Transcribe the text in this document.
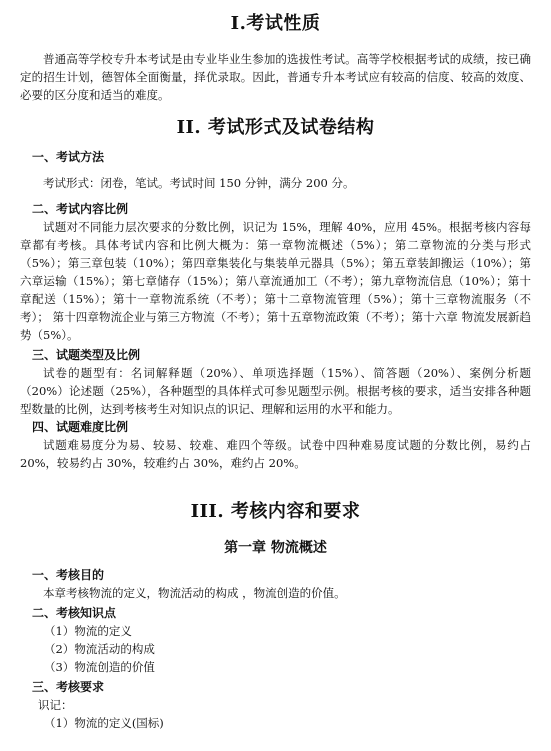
I.考试性质

普通高等学校专升本考试是由专业毕业生参加的选拔性考试。高等学校根据考试的成绩，按已确定的招生计划，德智体全面衡量，择优录取。因此，普通专升本考试应有较高的信度、较高的效度、必要的区分度和适当的难度。

II. 考试形式及试卷结构
一、考试方法

考试形式：闭卷，笔试。考试时间 150 分钟，满分 200 分。

二、考试内容比例

试题对不同能力层次要求的分数比例，识记为 15%，理解 40%，应用 45%。根据考核内容每章都有考核。具体考试内容和比例大概为：第一章物流概述（5%）；第二章物流的分类与形式（5%）；第三章包装（10%）；第四章集装化与集装单元器具（5%）；第五章装卸搬运（10%）；第六章运输（15%）；第七章储存（15%）；第八章流通加工（不考）；第九章物流信息（10%）；第十章配送（15%）；第十一章物流系统（不考）；第十二章物流管理（5%）；第十三章物流服务（不考）； 第十四章物流企业与第三方物流（不考）；第十五章物流政策（不考）；第十六章 物流发展新趋势（5%）。

三、试题类型及比例

试卷的题型有：名词解释题（20%）、单项选择题（15%）、简答题（20%）、案例分析题（20%）论述题（25%），各种题型的具体样式可参见题型示例。根据考核的要求，适当安排各种题型数量的比例，达到考核考生对知识点的识记、理解和运用的水平和能力。

四、试题难度比例

试题难易度分为易、较易、较难、难四个等级。试卷中四种难易度试题的分数比例，易约占 20%，较易约占 30%，较难约占 30%，难约占 20%。

III. 考核内容和要求
第一章 物流概述
一、考核目的

本章考核物流的定义，物流活动的构成 ，物流创造的价值。

二、考核知识点
（1）物流的定义
（2）物流活动的构成
（3）物流创造的价值
三、考核要求
识记：
（1）物流的定义(国标)
